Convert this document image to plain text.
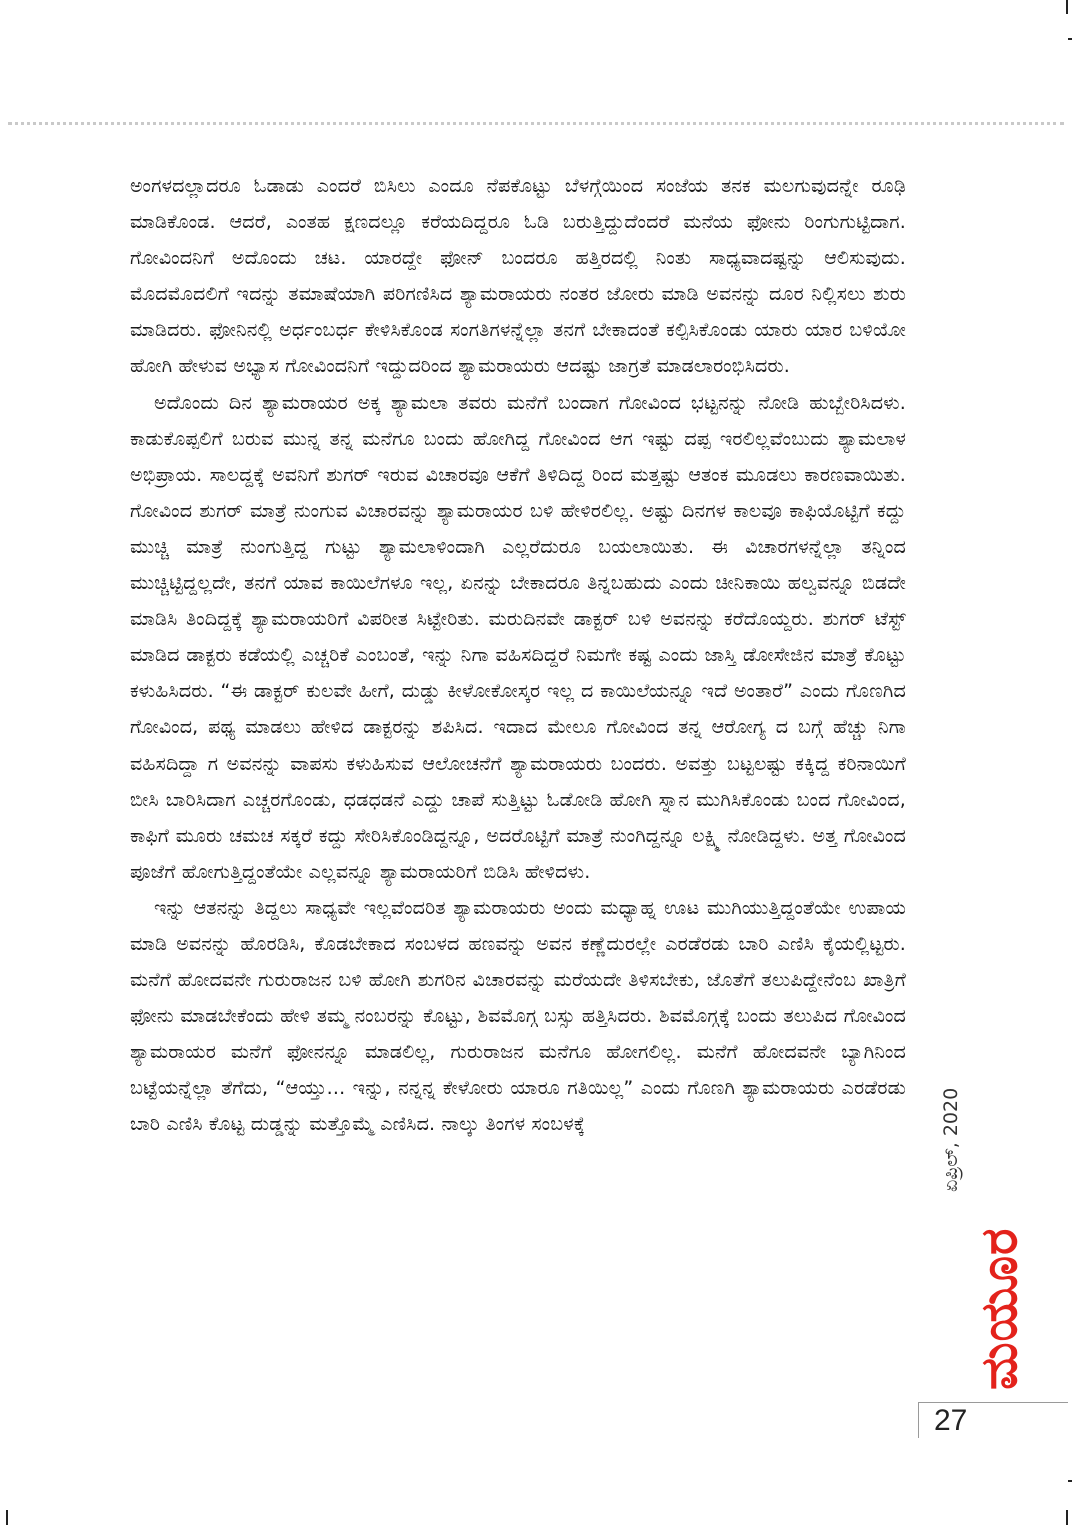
ಅಂಗಳದಲ್ಲಾದರೂ ಓಡಾಡು ಎಂದರೆ ಬಿಸಿಲು ಎಂದೂ ನೆಪಕೊಟ್ಟು ಬೆಳಗ್ಗೆಯಿಂದ ಸಂಜೆಯ ತನಕ ಮಲಗುವುದನ್ನೇ ರೂಢಿ ಮಾಡಿಕೊಂಡ. ಆದರೆ, ಎಂತಹ ಕ್ಷಣದಲ್ಲೂ ಕರೆಯದಿದ್ದರೂ ಓಡಿ ಬರುತ್ತಿದ್ದುದೆಂದರೆ ಮನೆಯ ಫೋನು ರಿಂಗುಗುಟ್ಟಿದಾಗ. ಗೋವಿಂದನಿಗೆ ಅದೊಂದು ಚಟ. ಯಾರದ್ದೇ ಫೋನ್ ಬಂದರೂ ಹತ್ತಿರದಲ್ಲಿ ನಿಂತು ಸಾಧ್ಯವಾದಷ್ಟನ್ನು ಆಲಿಸುವುದು. ಮೊದಮೊದಲಿಗೆ ಇದನ್ನು ತಮಾಷೆಯಾಗಿ ಪರಿಗಣಿಸಿದ ಶ್ಯಾಮರಾಯರು ನಂತರ ಜೋರು ಮಾಡಿ ಅವನನ್ನು ದೂರ ನಿಲ್ಲಿಸಲು ಶುರು ಮಾಡಿದರು. ಫೋನಿನಲ್ಲಿ ಅರ್ಧಂಬರ್ಧ ಕೇಳಿಸಿಕೊಂಡ ಸಂಗತಿಗಳನ್ನೆಲ್ಲಾ ತನಗೆ ಬೇಕಾದಂತೆ ಕಲ್ಪಿಸಿಕೊಂಡು ಯಾರು ಯಾರ ಬಳಿಯೋ ಹೋಗಿ ಹೇಳುವ ಅಭ್ಯಾಸ ಗೋವಿಂದನಿಗೆ ಇದ್ದುದರಿಂದ ಶ್ಯಾಮರಾಯರು ಆದಷ್ಟು ಜಾಗ್ರತೆ ಮಾಡಲಾರಂಭಿಸಿದರು.

ಅದೊಂದು ದಿನ ಶ್ಯಾಮರಾಯರ ಅಕ್ಕ ಶ್ಯಾಮಲಾ ತವರು ಮನೆಗೆ ಬಂದಾಗ ಗೋವಿಂದ ಭಟ್ಟನನ್ನು ನೋಡಿ ಹುಬ್ಬೇರಿಸಿದಳು. ಕಾಡುಕೊಪ್ಪಲಿಗೆ ಬರುವ ಮುನ್ನ ತನ್ನ ಮನೆಗೂ ಬಂದು ಹೋಗಿದ್ದ ಗೋವಿಂದ ಆಗ ಇಷ್ಟು ದಪ್ಪ ಇರಲಿಲ್ಲವೆಂಬುದು ಶ್ಯಾಮಲಾಳ ಅಭಿಪ್ರಾಯ. ಸಾಲದ್ದಕ್ಕೆ ಅವನಿಗೆ ಶುಗರ್ ಇರುವ ವಿಚಾರವೂ ಆಕೆಗೆ ತಿಳಿದಿದ್ದ ರಿಂದ ಮತ್ತಷ್ಟು ಆತಂಕ ಮೂಡಲು ಕಾರಣವಾಯಿತು. ಗೋವಿಂದ ಶುಗರ್ ಮಾತ್ರೆ ನುಂಗುವ ವಿಚಾರವನ್ನು ಶ್ಯಾಮರಾಯರ ಬಳಿ ಹೇಳಿರಲಿಲ್ಲ. ಅಷ್ಟು ದಿನಗಳ ಕಾಲವೂ ಕಾಫಿಯೊಟ್ಟಿಗೆ ಕದ್ದು ಮುಚ್ಚಿ ಮಾತ್ರೆ ನುಂಗುತ್ತಿದ್ದ ಗುಟ್ಟು ಶ್ಯಾಮಲಾಳಿಂದಾಗಿ ಎಲ್ಲರೆದುರೂ ಬಯಲಾಯಿತು. ಈ ವಿಚಾರಗಳನ್ನೆಲ್ಲಾ ತನ್ನಿಂದ ಮುಚ್ಚಿಟ್ಟಿದ್ದಲ್ಲದೇ, ತನಗೆ ಯಾವ ಕಾಯಿಲೆಗಳೂ ಇಲ್ಲ, ಏನನ್ನು ಬೇಕಾದರೂ ತಿನ್ನಬಹುದು ಎಂದು ಚೀನಿಕಾಯಿ ಹಲ್ವವನ್ನೂ ಬಿಡದೇ ಮಾಡಿಸಿ ತಿಂದಿದ್ದಕ್ಕೆ ಶ್ಯಾಮರಾಯರಿಗೆ ವಿಪರೀತ ಸಿಟ್ಟೇರಿತು. ಮರುದಿನವೇ ಡಾಕ್ಟರ್ ಬಳಿ ಅವನನ್ನು ಕರೆದೊಯ್ದರು. ಶುಗರ್ ಟೆಸ್ಟ್ ಮಾಡಿದ ಡಾಕ್ಟರು ಕಡೆಯಲ್ಲಿ ಎಚ್ಚರಿಕೆ ಎಂಬಂತೆ, ಇನ್ನು ನಿಗಾ ವಹಿಸದಿದ್ದರೆ ನಿಮಗೇ ಕಷ್ಟ ಎಂದು ಜಾಸ್ತಿ ಡೋಸೇಜಿನ ಮಾತ್ರೆ ಕೊಟ್ಟು ಕಳುಹಿಸಿದರು. “ಈ ಡಾಕ್ಟರ್ ಕುಲವೇ ಹೀಗೆ, ದುಡ್ಡು ಕೀಳೋಕೋಸ್ಕರ ಇಲ್ಲ ದ ಕಾಯಿಲೆಯನ್ನೂ ಇದೆ ಅಂತಾರೆ” ಎಂದು ಗೊಣಗಿದ ಗೋವಿಂದ, ಪಥ್ಯ ಮಾಡಲು ಹೇಳಿದ ಡಾಕ್ಟರನ್ನು ಶಪಿಸಿದ. ಇದಾದ ಮೇಲೂ ಗೋವಿಂದ ತನ್ನ ಆರೋಗ್ಯ ದ ಬಗ್ಗೆ ಹೆಚ್ಚು ನಿಗಾ ವಹಿಸದಿದ್ದಾ ಗ ಅವನನ್ನು ವಾಪಸು ಕಳುಹಿಸುವ ಆಲೋಚನೆಗೆ ಶ್ಯಾಮರಾಯರು ಬಂದರು. ಅವತ್ತು ಬಟ್ಟಲಷ್ಟು ಕಕ್ಕಿದ್ದ ಕರಿನಾಯಿಗೆ ಬೀಸಿ ಬಾರಿಸಿದಾಗ ಎಚ್ಚರಗೊಂಡು, ಧಡಧಡನೆ ಎದ್ದು ಚಾಪೆ ಸುತ್ತಿಟ್ಟು ಓಡೋಡಿ ಹೋಗಿ ಸ್ನಾನ ಮುಗಿಸಿಕೊಂಡು ಬಂದ ಗೋವಿಂದ, ಕಾಫಿಗೆ ಮೂರು ಚಮಚ ಸಕ್ಕರೆ ಕದ್ದು ಸೇರಿಸಿಕೊಂಡಿದ್ದನ್ನೂ, ಅದರೊಟ್ಟಿಗೆ ಮಾತ್ರೆ ನುಂಗಿದ್ದನ್ನೂ ಲಕ್ಷ್ಮಿ ನೋಡಿದ್ದಳು. ಅತ್ತ ಗೋವಿಂದ ಪೂಜೆಗೆ ಹೋಗುತ್ತಿದ್ದಂತೆಯೇ ಎಲ್ಲವನ್ನೂ ಶ್ಯಾಮರಾಯರಿಗೆ ಬಿಡಿಸಿ ಹೇಳಿದಳು.

ಇನ್ನು ಆತನನ್ನು ತಿದ್ದಲು ಸಾಧ್ಯವೇ ಇಲ್ಲವೆಂದರಿತ ಶ್ಯಾಮರಾಯರು ಅಂದು ಮಧ್ಯಾಹ್ನ ಊಟ ಮುಗಿಯುತ್ತಿದ್ದಂತೆಯೇ ಉಪಾಯ ಮಾಡಿ ಅವನನ್ನು ಹೊರಡಿಸಿ, ಕೊಡಬೇಕಾದ ಸಂಬಳದ ಹಣವನ್ನು ಅವನ ಕಣ್ಣೆದುರಲ್ಲೇ ಎರಡೆರಡು ಬಾರಿ ಎಣಿಸಿ ಕೈಯಲ್ಲಿಟ್ಟರು. ಮನೆಗೆ ಹೋದವನೇ ಗುರುರಾಜನ ಬಳಿ ಹೋಗಿ ಶುಗರಿನ ವಿಚಾರವನ್ನು ಮರೆಯದೇ ತಿಳಿಸಬೇಕು, ಜೊತೆಗೆ ತಲುಪಿದ್ದೇನೆಂಬ ಖಾತ್ರಿಗೆ ಫೋನು ಮಾಡಬೇಕೆಂದು ಹೇಳಿ ತಮ್ಮ ನಂಬರನ್ನು ಕೊಟ್ಟು, ಶಿವಮೊಗ್ಗ ಬಸ್ಸು ಹತ್ತಿಸಿದರು. ಶಿವಮೊಗ್ಗಕ್ಕೆ ಬಂದು ತಲುಪಿದ ಗೋವಿಂದ ಶ್ಯಾಮರಾಯರ ಮನೆಗೆ ಫೋನನ್ನೂ ಮಾಡಲಿಲ್ಲ, ಗುರುರಾಜನ ಮನೆಗೂ ಹೋಗಲಿಲ್ಲ. ಮನೆಗೆ ಹೋದವನೇ ಬ್ಯಾಗಿನಿಂದ ಬಟ್ಟೆಯನ್ನೆಲ್ಲಾ ತೆಗೆದು, “ಆಯ್ತು... ಇನ್ನು, ನನ್ನನ್ನ ಕೇಳೋರು ಯಾರೂ ಗತಿಯಿಲ್ಲ” ಎಂದು ಗೊಣಗಿ ಶ್ಯಾಮರಾಯರು ಎರಡೆರಡು ಬಾರಿ ಎಣಿಸಿ ಕೊಟ್ಟ ದುಡ್ಡನ್ನು ಮತ್ತೊಮ್ಮೆ ಎಣಿಸಿದ. ನಾಲ್ಕು ತಿಂಗಳ ಸಂಬಳಕ್ಕೆ	ಏಪ್ರಿಲ್, 2020
ಮಯೂರ
27
